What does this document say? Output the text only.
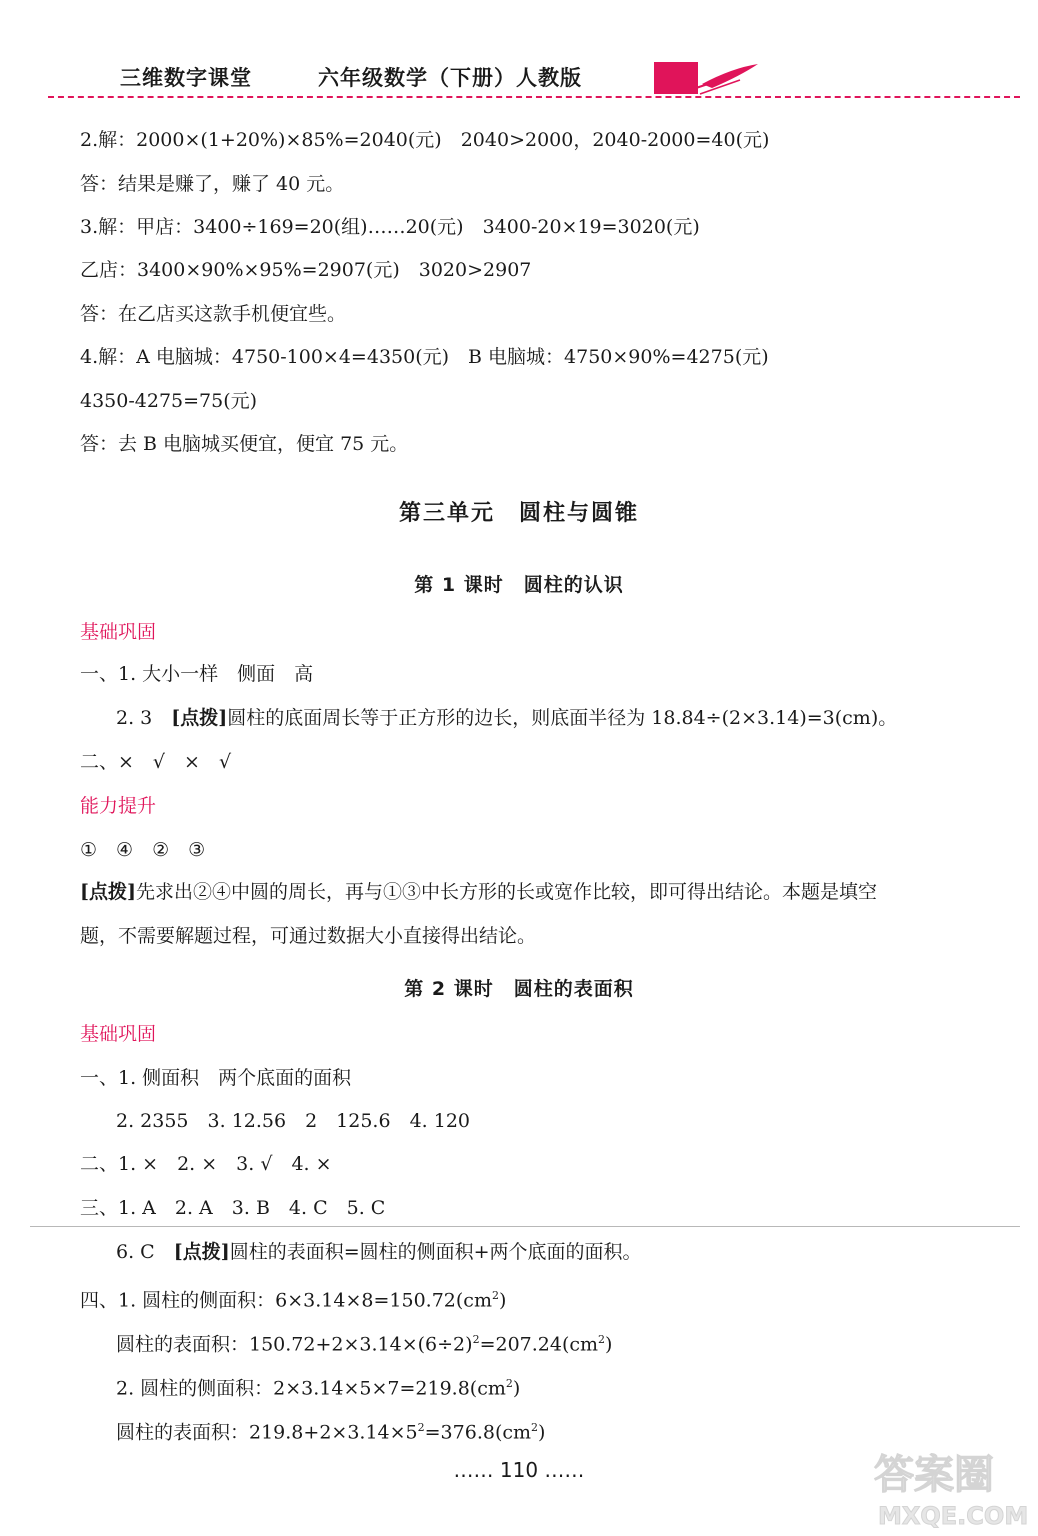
三维数字课堂	六年级数学（下册）人教版
2.解：2000×(1+20%)×85%=2040(元)　2040>2000，2040-2000=40(元)
答：结果是赚了，赚了 40 元。
3.解：甲店：3400÷169=20(组)……20(元)　3400-20×19=3020(元)
乙店：3400×90%×95%=2907(元)　3020>2907
答：在乙店买这款手机便宜些。
4.解：A 电脑城：4750-100×4=4350(元)　B 电脑城：4750×90%=4275(元)
4350-4275=75(元)
答：去 B 电脑城买便宜，便宜 75 元。
第三单元　圆柱与圆锥
第 1 课时　圆柱的认识
基础巩固
一、1. 大小一样　侧面　高
2. 3　[点拨]圆柱的底面周长等于正方形的边长，则底面半径为 18.84÷(2×3.14)=3(cm)。
二、×　√　×　√
能力提升
①　④　②　③
[点拨]先求出②④中圆的周长，再与①③中长方形的长或宽作比较，即可得出结论。本题是填空
题，不需要解题过程，可通过数据大小直接得出结论。
第 2 课时　圆柱的表面积
基础巩固
一、1. 侧面积　两个底面的面积
2. 2355　3. 12.56　2　125.6　4. 120
二、1. ×　2. ×　3. √　4. ×
三、1. A　2. A　3. B　4. C　5. C
6. C　[点拨]圆柱的表面积=圆柱的侧面积+两个底面的面积。
四、1. 圆柱的侧面积：$6\times 3.14\times 8=150.72(cm^2)$
圆柱的表面积：$150.72+2\times 3.14\times(6\div 2)^2=207.24(cm^2)$
2. 圆柱的侧面积：$2\times 3.14\times 5\times 7=219.8(cm^2)$
圆柱的表面积：$219.8+2\times 3.14\times 5^2=376.8(cm^2)$
…… 110 ……	答案圈
MXQE.COM
